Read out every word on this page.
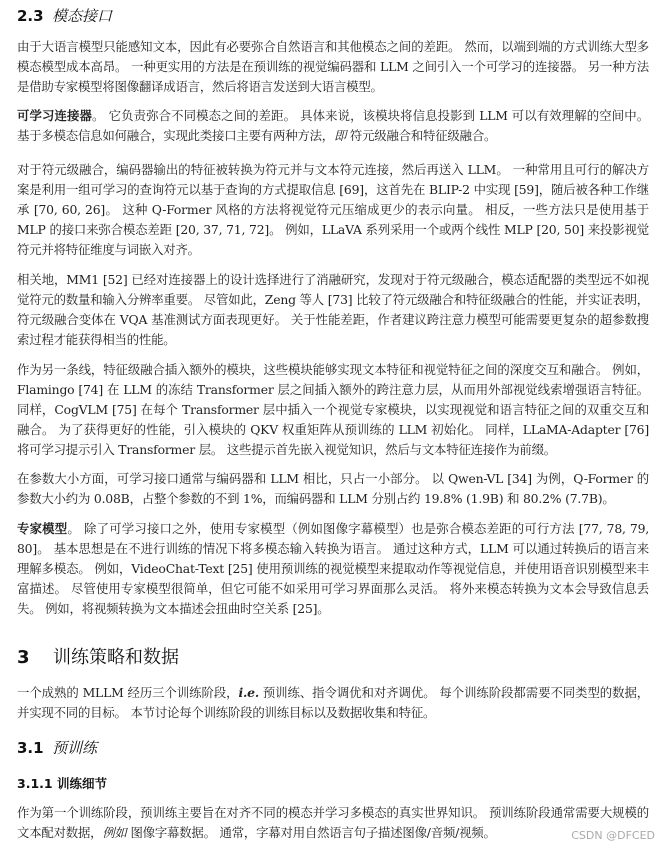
2.3 模态接口
由于大语言模型只能感知文本，因此有必要弥合自然语言和其他模态之间的差距。 然而，以端到端的方式训练大型多模态模型成本高昂。 一种更实用的方法是在预训练的视觉编码器和 LLM 之间引入一个可学习的连接器。 另一种方法是借助专家模型将图像翻译成语言，然后将语言发送到大语言模型。
可学习连接器。 它负责弥合不同模态之间的差距。 具体来说，该模块将信息投影到 LLM 可以有效理解的空间中。 基于多模态信息如何融合，实现此类接口主要有两种方法，即 符元级融合和特征级融合。
对于符元级融合，编码器输出的特征被转换为符元并与文本符元连接，然后再送入 LLM。 一种常用且可行的解决方案是利用一组可学习的查询符元以基于查询的方式提取信息 [69]，这首先在 BLIP-2 中实现 [59]，随后被各种工作继承 [70, 60, 26]。 这种 Q-Former 风格的方法将视觉符元压缩成更少的表示向量。 相反，一些方法只是使用基于 MLP 的接口来弥合模态差距 [20, 37, 71, 72]。 例如，LLaVA 系列采用一个或两个线性 MLP [20, 50] 来投影视觉符元并将特征维度与词嵌入对齐。
相关地，MM1 [52] 已经对连接器上的设计选择进行了消融研究，发现对于符元级融合，模态适配器的类型远不如视觉符元的数量和输入分辨率重要。 尽管如此，Zeng 等人 [73] 比较了符元级融合和特征级融合的性能，并实证表明，符元级融合变体在 VQA 基准测试方面表现更好。 关于性能差距，作者建议跨注意力模型可能需要更复杂的超参数搜索过程才能获得相当的性能。
作为另一条线，特征级融合插入额外的模块，这些模块能够实现文本特征和视觉特征之间的深度交互和融合。 例如，Flamingo [74] 在 LLM 的冻结 Transformer 层之间插入额外的跨注意力层，从而用外部视觉线索增强语言特征。 同样，CogVLM [75] 在每个 Transformer 层中插入一个视觉专家模块，以实现视觉和语言特征之间的双重交互和融合。 为了获得更好的性能，引入模块的 QKV 权重矩阵从预训练的 LLM 初始化。 同样，LLaMA-Adapter [76] 将可学习提示引入 Transformer 层。 这些提示首先嵌入视觉知识，然后与文本特征连接作为前缀。
在参数大小方面，可学习接口通常与编码器和 LLM 相比，只占一小部分。 以 Qwen-VL [34] 为例，Q-Former 的参数大小约为 0.08B，占整个参数的不到 1%，而编码器和 LLM 分别占约 19.8% (1.9B) 和 80.2% (7.7B)。
专家模型。 除了可学习接口之外，使用专家模型（例如图像字幕模型）也是弥合模态差距的可行方法 [77, 78, 79, 80]。 基本思想是在不进行训练的情况下将多模态输入转换为语言。 通过这种方式，LLM 可以通过转换后的语言来理解多模态。 例如，VideoChat-Text [25] 使用预训练的视觉模型来提取动作等视觉信息，并使用语音识别模型来丰富描述。 尽管使用专家模型很简单，但它可能不如采用可学习界面那么灵活。 将外来模态转换为文本会导致信息丢失。 例如，将视频转换为文本描述会扭曲时空关系 [25]。
3 训练策略和数据
一个成熟的 MLLM 经历三个训练阶段，i.e. 预训练、指令调优和对齐调优。 每个训练阶段都需要不同类型的数据，并实现不同的目标。 本节讨论每个训练阶段的训练目标以及数据收集和特征。
3.1 预训练
3.1.1 训练细节
作为第一个训练阶段，预训练主要旨在对齐不同的模态并学习多模态的真实世界知识。 预训练阶段通常需要大规模的文本配对数据，例如 图像字幕数据。 通常，字幕对用自然语言句子描述图像/音频/视频。	CSDN @DFCED
